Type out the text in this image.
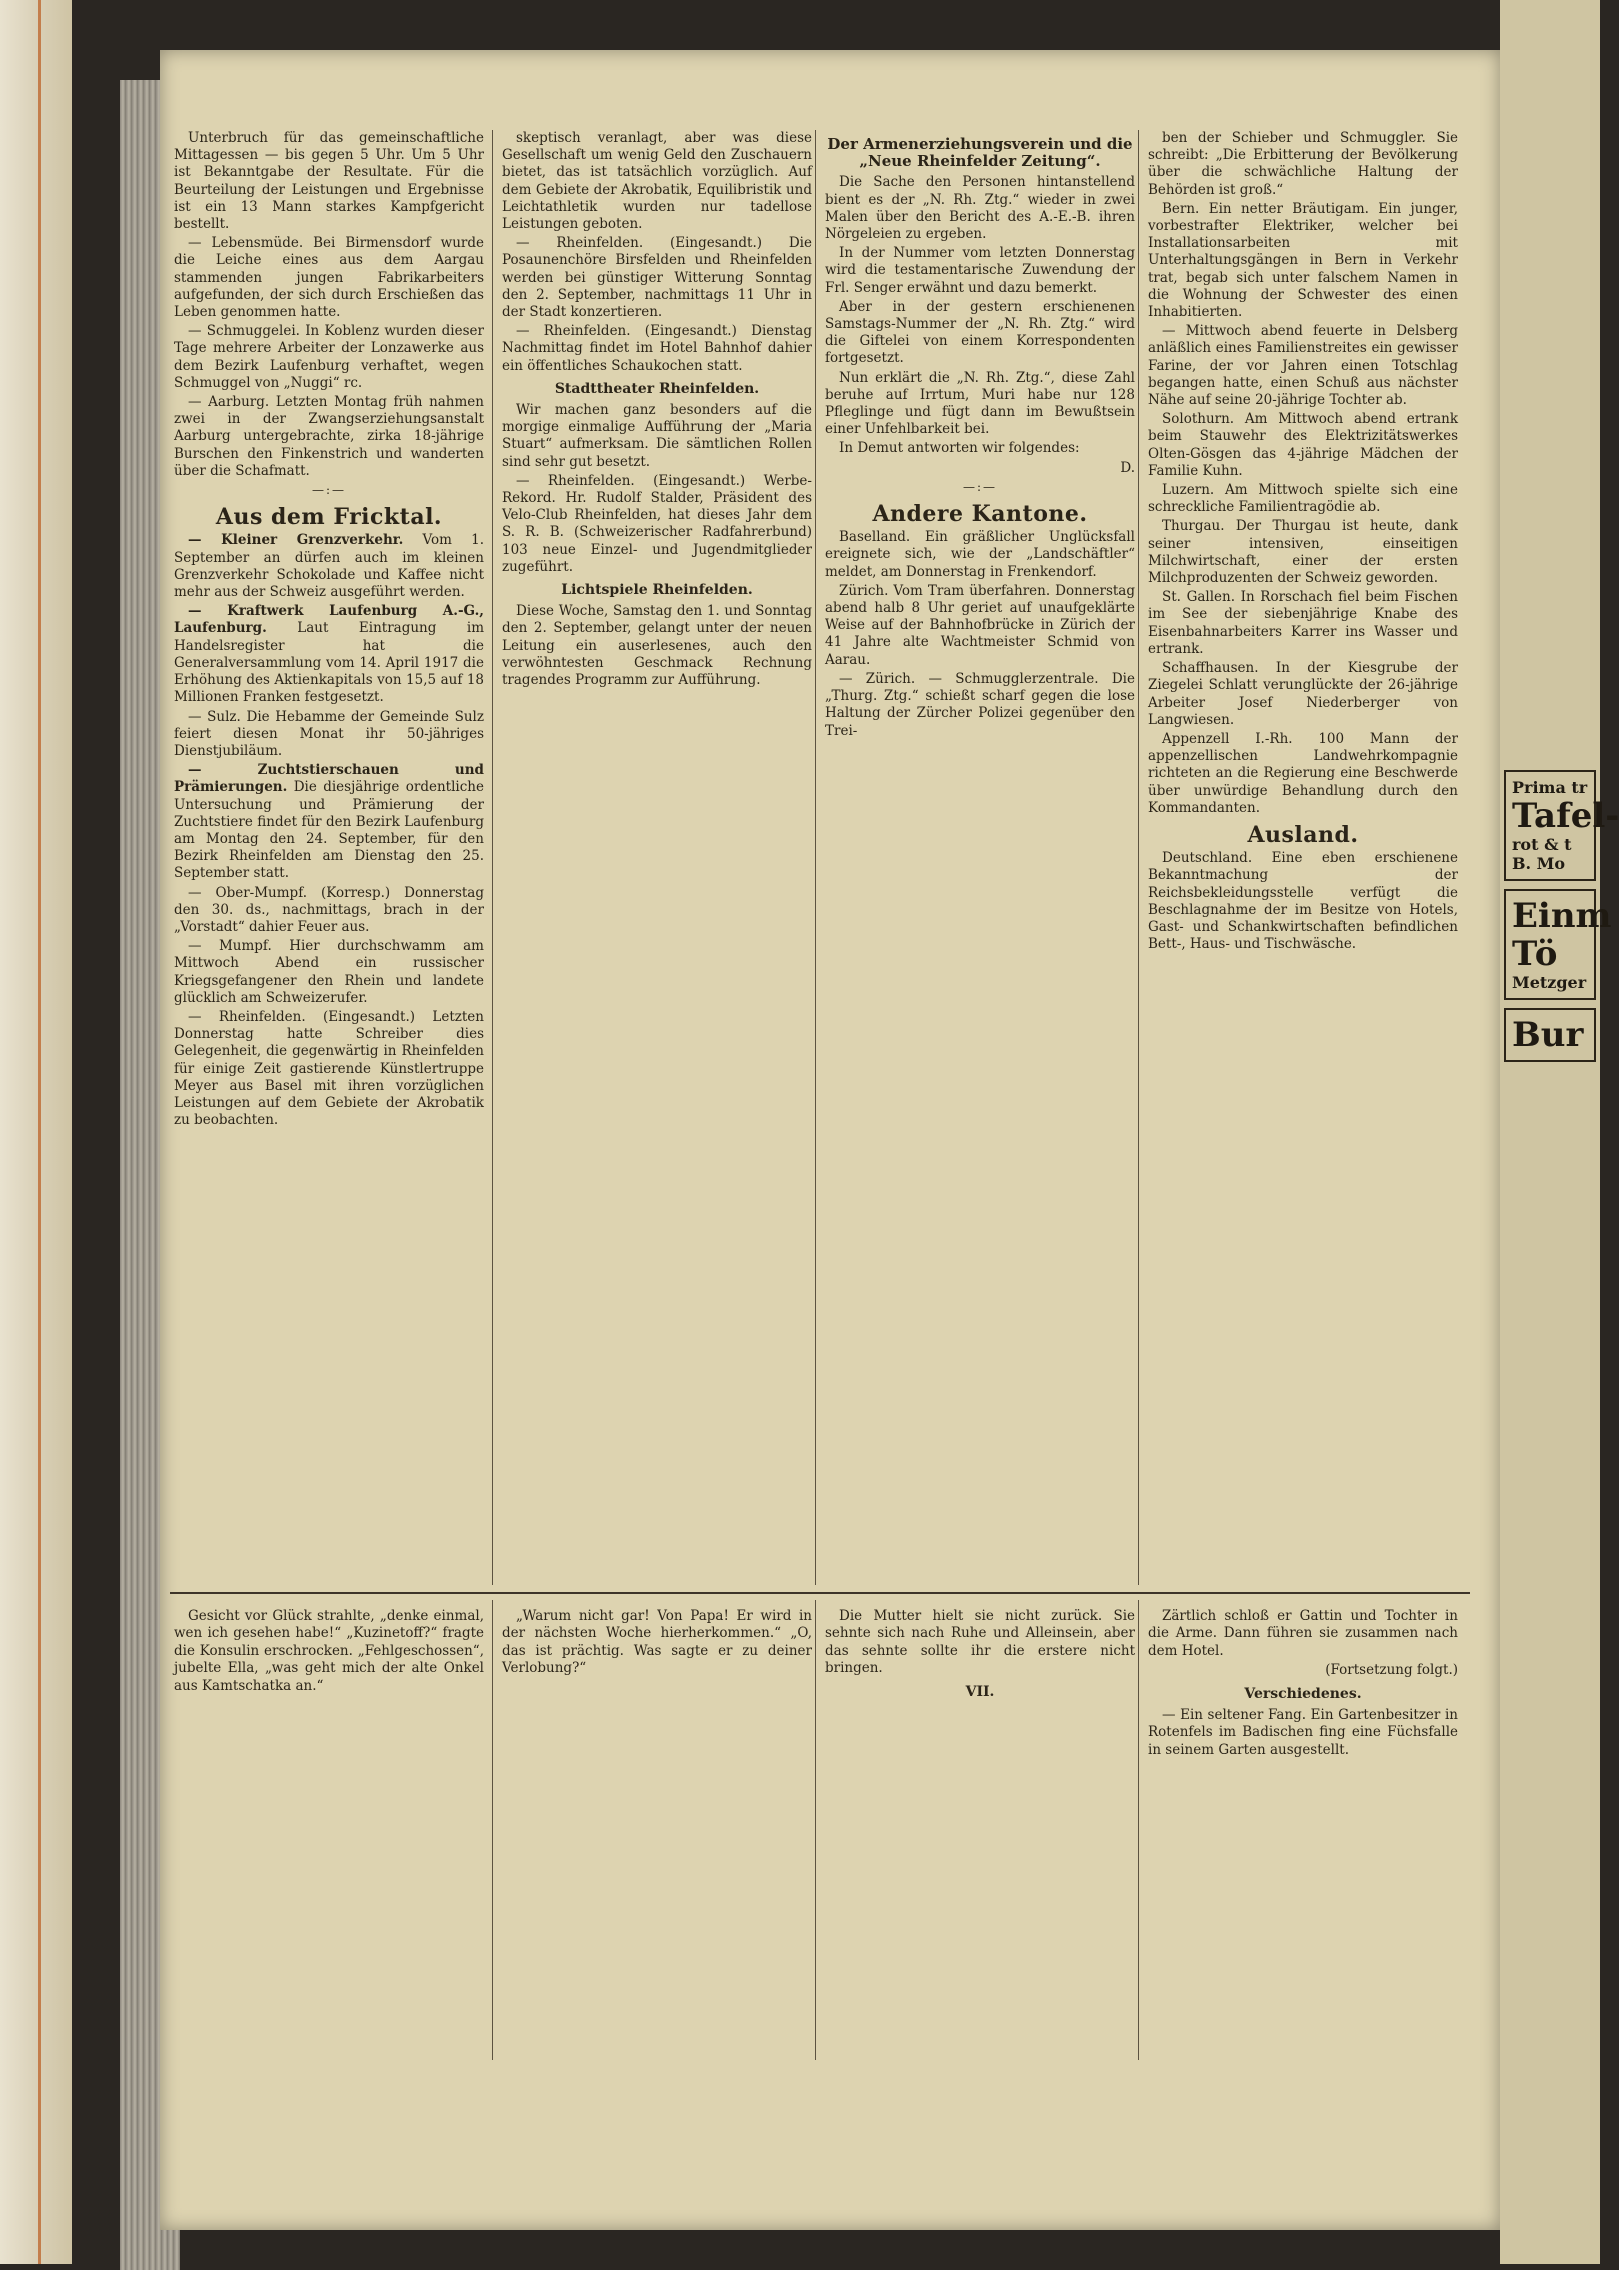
Unterbruch für das gemeinschaftliche Mittagessen — bis gegen 5 Uhr. Um 5 Uhr ist Bekanntgabe der Resultate. Für die Beurteilung der Leistungen und Ergebnisse ist ein 13 Mann starkes Kampfgericht bestellt.

— Lebensmüde. Bei Birmensdorf wurde die Leiche eines aus dem Aargau stammenden jungen Fabrikarbeiters aufgefunden, der sich durch Erschießen das Leben genommen hatte.

— Schmuggelei. In Koblenz wurden dieser Tage mehrere Arbeiter der Lonzawerke aus dem Bezirk Laufenburg verhaftet, wegen Schmuggel von „Nuggi“ rc.

— Aarburg. Letzten Montag früh nahmen zwei in der Zwangserziehungsanstalt Aarburg untergebrachte, zirka 18-jährige Burschen den Finkenstrich und wanderten über die Schafmatt.

—:—
Aus dem Fricktal.

— Kleiner Grenzverkehr. Vom 1. September an dürfen auch im kleinen Grenzverkehr Schokolade und Kaffee nicht mehr aus der Schweiz ausgeführt werden.

— Kraftwerk Laufenburg A.-G., Laufenburg. Laut Eintragung im Handelsregister hat die Generalversammlung vom 14. April 1917 die Erhöhung des Aktienkapitals von 15,5 auf 18 Millionen Franken festgesetzt.

— Sulz. Die Hebamme der Gemeinde Sulz feiert diesen Monat ihr 50-jähriges Dienstjubiläum.

— Zuchtstierschauen und Prämierungen. Die diesjährige ordentliche Untersuchung und Prämierung der Zuchtstiere findet für den Bezirk Laufenburg am Montag den 24. September, für den Bezirk Rheinfelden am Dienstag den 25. September statt.

— Ober-Mumpf. (Korresp.) Donnerstag den 30. ds., nachmittags, brach in der „Vorstadt“ dahier Feuer aus.

— Mumpf. Hier durchschwamm am Mittwoch Abend ein russischer Kriegsgefangener den Rhein und landete glücklich am Schweizerufer.

— Rheinfelden. (Eingesandt.) Letzten Donnerstag hatte Schreiber dies Gelegenheit, die gegenwärtig in Rheinfelden für einige Zeit gastierende Künstlertruppe Meyer aus Basel mit ihren vorzüglichen Leistungen auf dem Gebiete der Akrobatik zu beobachten.

skeptisch veranlagt, aber was diese Gesellschaft um wenig Geld den Zuschauern bietet, das ist tatsächlich vorzüglich. Auf dem Gebiete der Akrobatik, Equilibristik und Leichtathletik wurden nur tadellose Leistungen geboten.

— Rheinfelden. (Eingesandt.) Die Posaunenchöre Birsfelden und Rheinfelden werden bei günstiger Witterung Sonntag den 2. September, nachmittags 11 Uhr in der Stadt konzertieren.

— Rheinfelden. (Eingesandt.) Dienstag Nachmittag findet im Hotel Bahnhof dahier ein öffentliches Schaukochen statt.

Stadttheater Rheinfelden.

Wir machen ganz besonders auf die morgige einmalige Aufführung der „Maria Stuart“ aufmerksam. Die sämtlichen Rollen sind sehr gut besetzt.

— Rheinfelden. (Eingesandt.) Werbe-Rekord. Hr. Rudolf Stalder, Präsident des Velo-Club Rheinfelden, hat dieses Jahr dem S. R. B. (Schweizerischer Radfahrerbund) 103 neue Einzel- und Jugendmitglieder zugeführt.

Lichtspiele Rheinfelden.

Diese Woche, Samstag den 1. und Sonntag den 2. September, gelangt unter der neuen Leitung ein auserlesenes, auch den verwöhntesten Geschmack Rechnung tragendes Programm zur Aufführung.

Der Armenerziehungsverein und die „Neue Rheinfelder Zeitung“.

Die Sache den Personen hintanstellend bient es der „N. Rh. Ztg.“ wieder in zwei Malen über den Bericht des A.-E.-B. ihren Nörgeleien zu ergeben.

In der Nummer vom letzten Donnerstag wird die testamentarische Zuwendung der Frl. Senger erwähnt und dazu bemerkt.

Aber in der gestern erschienenen Samstags-Nummer der „N. Rh. Ztg.“ wird die Giftelei von einem Korrespondenten fortgesetzt.

Nun erklärt die „N. Rh. Ztg.“, diese Zahl beruhe auf Irrtum, Muri habe nur 128 Pfleglinge und fügt dann im Bewußtsein einer Unfehlbarkeit bei.

In Demut antworten wir folgendes:

D.

—:—
Andere Kantone.

Baselland. Ein gräßlicher Unglücksfall ereignete sich, wie der „Landschäftler“ meldet, am Donnerstag in Frenkendorf.

Zürich. Vom Tram überfahren. Donnerstag abend halb 8 Uhr geriet auf unaufgeklärte Weise auf der Bahnhofbrücke in Zürich der 41 Jahre alte Wachtmeister Schmid von Aarau.

— Zürich. — Schmugglerzentrale. Die „Thurg. Ztg.“ schießt scharf gegen die lose Haltung der Zürcher Polizei gegenüber den Trei-

ben der Schieber und Schmuggler. Sie schreibt: „Die Erbitterung der Bevölkerung über die schwächliche Haltung der Behörden ist groß.“

Bern. Ein netter Bräutigam. Ein junger, vorbestrafter Elektriker, welcher bei Installationsarbeiten mit Unterhaltungsgängen in Bern in Verkehr trat, begab sich unter falschem Namen in die Wohnung der Schwester des einen Inhabitierten.

— Mittwoch abend feuerte in Delsberg anläßlich eines Familienstreites ein gewisser Farine, der vor Jahren einen Totschlag begangen hatte, einen Schuß aus nächster Nähe auf seine 20-jährige Tochter ab.

Solothurn. Am Mittwoch abend ertrank beim Stauwehr des Elektrizitätswerkes Olten-Gösgen das 4-jährige Mädchen der Familie Kuhn.

Luzern. Am Mittwoch spielte sich eine schreckliche Familientragödie ab.

Thurgau. Der Thurgau ist heute, dank seiner intensiven, einseitigen Milchwirtschaft, einer der ersten Milchproduzenten der Schweiz geworden.

St. Gallen. In Rorschach fiel beim Fischen im See der siebenjährige Knabe des Eisenbahnarbeiters Karrer ins Wasser und ertrank.

Schaffhausen. In der Kiesgrube der Ziegelei Schlatt verunglückte der 26-jährige Arbeiter Josef Niederberger von Langwiesen.

Appenzell I.-Rh. 100 Mann der appenzellischen Landwehrkompagnie richteten an die Regierung eine Beschwerde über unwürdige Behandlung durch den Kommandanten.

Ausland.

Deutschland. Eine eben erschienene Bekanntmachung der Reichsbekleidungsstelle verfügt die Beschlagnahme der im Besitze von Hotels, Gast- und Schankwirtschaften befindlichen Bett-, Haus- und Tischwäsche.

Gesicht vor Glück strahlte, „denke einmal, wen ich gesehen habe!“ „Kuzinetoff?“ fragte die Konsulin erschrocken. „Fehlgeschossen“, jubelte Ella, „was geht mich der alte Onkel aus Kamtschatka an.“

„Warum nicht gar! Von Papa! Er wird in der nächsten Woche hierherkommen.“ „O, das ist prächtig. Was sagte er zu deiner Verlobung?“

Die Mutter hielt sie nicht zurück. Sie sehnte sich nach Ruhe und Alleinsein, aber das sehnte sollte ihr die erstere nicht bringen.

VII.

Zärtlich schloß er Gattin und Tochter in die Arme. Dann führen sie zusammen nach dem Hotel.

(Fortsetzung folgt.)

Verschiedenes.

— Ein seltener Fang. Ein Gartenbesitzer in Rotenfels im Badischen fing eine Füchsfalle in seinem Garten ausgestellt.

Prima tr
Tafel-
rot & t
B. Mo
Einm
Tö
Metzger
Bur
